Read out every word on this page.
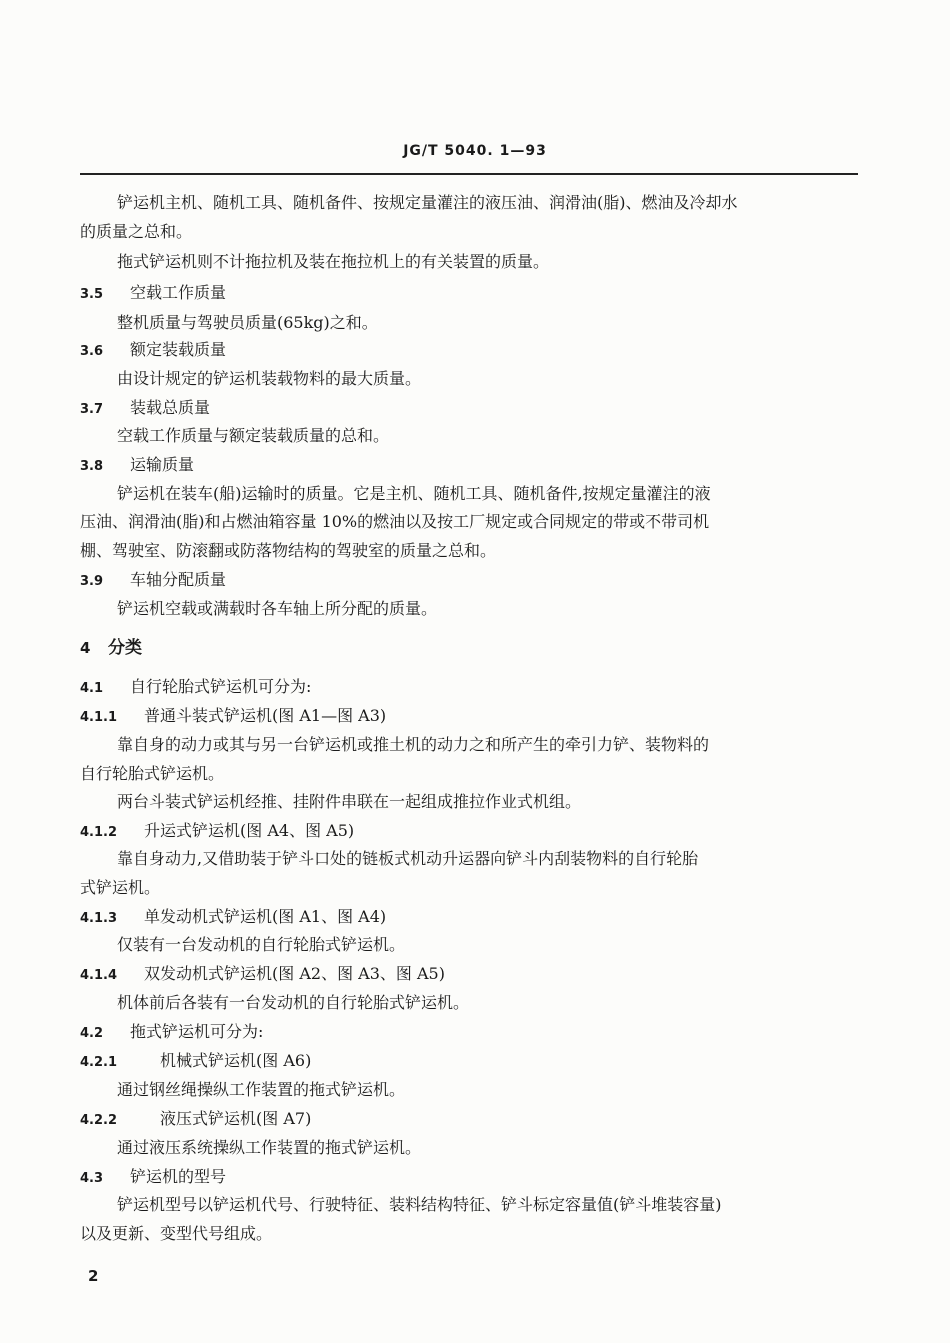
JG/T 5040. 1—93
铲运机主机、随机工具、随机备件、按规定量灌注的液压油、润滑油(脂)、燃油及冷却水
的质量之总和。
拖式铲运机则不计拖拉机及装在拖拉机上的有关装置的质量。
3.5 空载工作质量
整机质量与驾驶员质量(65kg)之和。
3.6 额定装载质量
由设计规定的铲运机装载物料的最大质量。
3.7 装载总质量
空载工作质量与额定装载质量的总和。
3.8 运输质量
铲运机在装车(船)运输时的质量。它是主机、随机工具、随机备件,按规定量灌注的液
压油、润滑油(脂)和占燃油箱容量 10%的燃油以及按工厂规定或合同规定的带或不带司机
棚、驾驶室、防滚翻或防落物结构的驾驶室的质量之总和。
3.9 车轴分配质量
铲运机空载或满载时各车轴上所分配的质量。
4 分类
4.1 自行轮胎式铲运机可分为:
4.1.1 普通斗装式铲运机(图 A1—图 A3)
靠自身的动力或其与另一台铲运机或推土机的动力之和所产生的牵引力铲、装物料的
自行轮胎式铲运机。
两台斗装式铲运机经推、挂附件串联在一起组成推拉作业式机组。
4.1.2 升运式铲运机(图 A4、图 A5)
靠自身动力,又借助装于铲斗口处的链板式机动升运器向铲斗内刮装物料的自行轮胎
式铲运机。
4.1.3 单发动机式铲运机(图 A1、图 A4)
仅装有一台发动机的自行轮胎式铲运机。
4.1.4 双发动机式铲运机(图 A2、图 A3、图 A5)
机体前后各装有一台发动机的自行轮胎式铲运机。
4.2 拖式铲运机可分为:
4.2.1	机械式铲运机(图 A6)
通过钢丝绳操纵工作装置的拖式铲运机。
4.2.2	液压式铲运机(图 A7)
通过液压系统操纵工作装置的拖式铲运机。
4.3 铲运机的型号
铲运机型号以铲运机代号、行驶特征、装料结构特征、铲斗标定容量值(铲斗堆装容量)
以及更新、变型代号组成。
2
